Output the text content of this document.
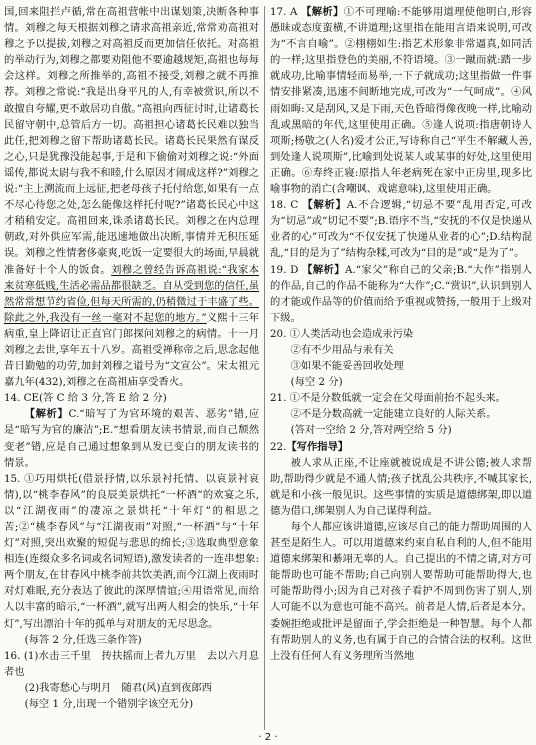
国,回来阻拦卢循,常在高祖营帐中出谋划策,决断各种事情。刘穆之每天根据刘穆之请求高祖亲近,常常劝高祖对穆之予以提拔,刘穆之对高祖反而更加信任依托。对高祖的举动行为,刘穆之都要劝阻他不要逾越规矩,高祖也每每会这样。刘穆之所推举的,高祖不接受,刘穆之就不再推荐。刘穆之常说:“我是出身平凡的人,有幸被赏识,所以不敢擅自夸耀,更不敢居功自傲。”高祖向西征讨时,让诸葛长民留守朝中,总管后方一切。高祖担心诸葛长民难以独当此任,把刘穆之留下帮助诸葛长民。诸葛长民果然有谋反之心,只是犹豫没能起事,于是和下偷偷对刘穆之说:“外面谣传,都说太尉与我不和睦,什么原因才闹成这样?”刘穆之说:“主上溯流而上远征,把老母孩子托付给您,如果有一点不尽心待您之处,怎么能像这样托付呢?”诸葛长民心中这才稍稍安定。高祖回来,诛杀诸葛长民。刘穆之在内总理朝政,对外供应军需,能迅速地做出决断,事情并无积压延误。刘穆之性情奢侈豪爽,吃饭一定要很大的场面,早晨就准备好十个人的饭食。刘穆之曾经告诉高祖说:“我家本来贫寒低贱,生活必需品都很缺乏。自从受到您的信任,虽然常常想节约省俭,但每天所需的,仍稍微过于丰盛了些。除此之外,我没有一丝一毫对不起您的地方。”义熙十三年病重,皇上降诏让正直官门郎探问刘穆之的病情。十一月刘穆之去世,享年五十八岁。高祖受禅称帝之后,思念起他昔日勤勉的功劳,加封刘穆之谥号为“文宣公”。宋太祖元嘉九年(432),刘穆之在高祖庙享受香火。

14. CE(答 C 给 3 分,答 E 给 2 分)

【解析】C.“暗写了为官环境的艰苦、恶劣”错,应是“暗写为官的廉洁”;E.“想看朋友读书情景,而自己颓然变老”错,应是自己通过想象到从发已变白的朋友读书的情景。

15. ①巧用烘托(借景抒情,以乐景衬托情、以哀景衬哀情),以“桃李春风”的良辰美景烘托“一杯酒”的欢宴之乐,以“江湖夜雨”的凄凉之景烘托“十年灯”的相思之苦;②“桃李春风”与“江湖夜雨”对照,“一杯酒”与“十年灯”对照,突出欢聚的短促与悲思的绵长;③选取典型意象相连(连缀众多名词或名词短语),激发读者的一连串想象:两个朋友,在甘春风中桃李前共饮美酒,而今江湖上夜雨时对灯难眠,充分表达了彼此的深厚情谊;④用语常见,而给人以丰富的暗示,“一杯酒”,就写出两人相会的快乐,“十年灯”,写出漂泊十年的孤单与对朋友的无尽思念。

(每答 2 分,任选三条作答)

16. (1)水击三千里　抟扶摇而上者九万里　去以六月息者也

(2)我寄愁心与明月　随君(风)直到夜郎西

(每空 1 分,出现一个错别字该空无分)

17. A 【解析】①不可理喻:不能够用道理使他明白,形容愚昧或态度蛮横,不讲道理;这里指在能用言语来说明,可改为“不言自喻”。②栩栩如生:指艺术形象非常逼真,如同活的一样;这里指登色的美丽,不符语境。③一蹴而就:踏一步就成功,比喻事情轻而易举,一下子就成功;这里指做一件事情安排紧凑,迅速不间断地完成,可改为“一气呵成”。④风雨如晦:又是刮风,又是下雨,天色昏暗得像夜晚一样,比喻动乱或黑暗的年代,这里使用正确。⑤逢人说项:指唐朝诗人项斯;杨敬之(人名)爱才公正,写诗称自己“平生不解藏人善,到处逢人说项斯”,比喻到处说某人或某事的好处,这里使用正确。⑥寿终正寝:原指人年老病死在家中正房里,现多比喻事物的消亡(含嘲讽、戏谑意味),这里使用正确。

18. C 【解析】A.不合逻辑,“切忌不要”乱用否定,可改为“切忌”或“切记不要”;B.语序不当,“安抚的不仅是快递从业者的心”可改为“不仅安抚了快递从业者的心”;D.结构混乱,“目的是为了”结构杂糅,可改为“目的是”或“是为了”。

19. D 【解析】A.“家父”称自己的父亲;B.“大作”指别人的作品,自己的作品不能称为“大作”;C.“赏识”,认识到别人的才能或作品等的价值而给予重视或赞扬,一般用于上级对下级。

20. ①人类活动也会造成汞污染

②有不少用品与汞有关

③如果不能妥善回收处理

(每空 2 分)

21. ①不是分数低就一定会在父母面前抬不起头来。

②不是分数高就一定能建立良好的人际关系。

(答对一空给 2 分,答对两空给 5 分)

22.【写作指导】

被人求从正座,不让座就被说成是不讲公德;被人求帮助,帮助得少就是不通人情;孩子扰乱公共秩序,不喊其家长,就是和小孩一般见识。这些事情的实质是道德绑架,即以道德为借口,绑架别人为自己谋得利益。

每个人都应该讲道德,应该尽自己的能力帮助周围的人甚至是陌生人。可以用道德来约束自私自利的人,但不能用道德来绑架和綦翊无辜的人。自己提出的不情之请,对方可能帮助也可能不帮助;自己向别人要帮助可能帮助得大,也可能帮助得小;因为自己对孩子看护不周到伤害了别人,别人可能不以为意也可能不高兴。前者是人情,后者是本分。委婉拒绝或批评是留面子,学会拒绝是一种智慧。每个人都有帮助别人的义务,也有属于自己的合情合法的权利。这世上没有任何人有义务理所当然地

· 2 ·
